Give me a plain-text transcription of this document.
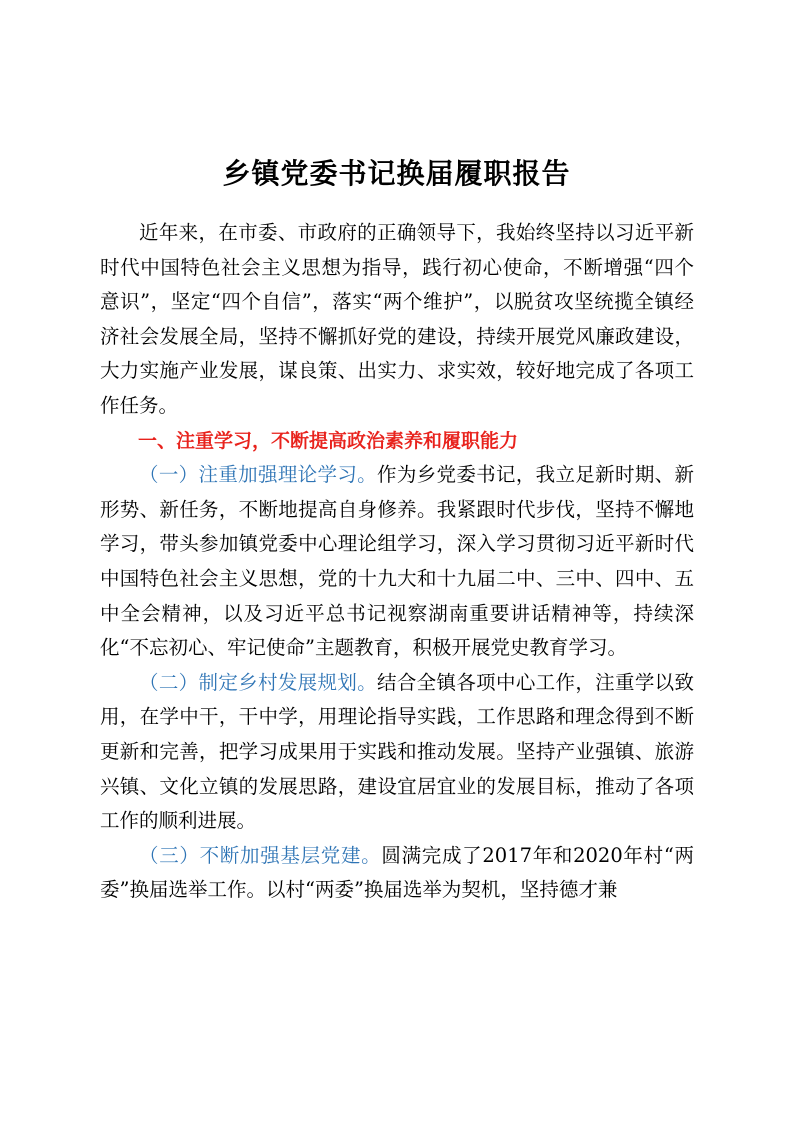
乡镇党委书记换届履职报告

近年来，在市委、市政府的正确领导下，我始终坚持以习近平新时代中国特色社会主义思想为指导，践行初心使命，不断增强“四个意识”，坚定“四个自信”，落实“两个维护”，以脱贫攻坚统揽全镇经济社会发展全局，坚持不懈抓好党的建设，持续开展党风廉政建设，大力实施产业发展，谋良策、出实力、求实效，较好地完成了各项工作任务。

一、注重学习，不断提高政治素养和履职能力

（一）注重加强理论学习。作为乡党委书记，我立足新时期、新形势、新任务，不断地提高自身修养。我紧跟时代步伐，坚持不懈地学习，带头参加镇党委中心理论组学习，深入学习贯彻习近平新时代中国特色社会主义思想，党的十九大和十九届二中、三中、四中、五中全会精神，以及习近平总书记视察湖南重要讲话精神等，持续深化“不忘初心、牢记使命”主题教育，积极开展党史教育学习。

（二）制定乡村发展规划。结合全镇各项中心工作，注重学以致用，在学中干，干中学，用理论指导实践，工作思路和理念得到不断更新和完善，把学习成果用于实践和推动发展。坚持产业强镇、旅游兴镇、文化立镇的发展思路，建设宜居宜业的发展目标，推动了各项工作的顺利进展。

（三）不断加强基层党建。圆满完成了2017年和2020年村“两委”换届选举工作。以村“两委”换届选举为契机，坚持德才兼
